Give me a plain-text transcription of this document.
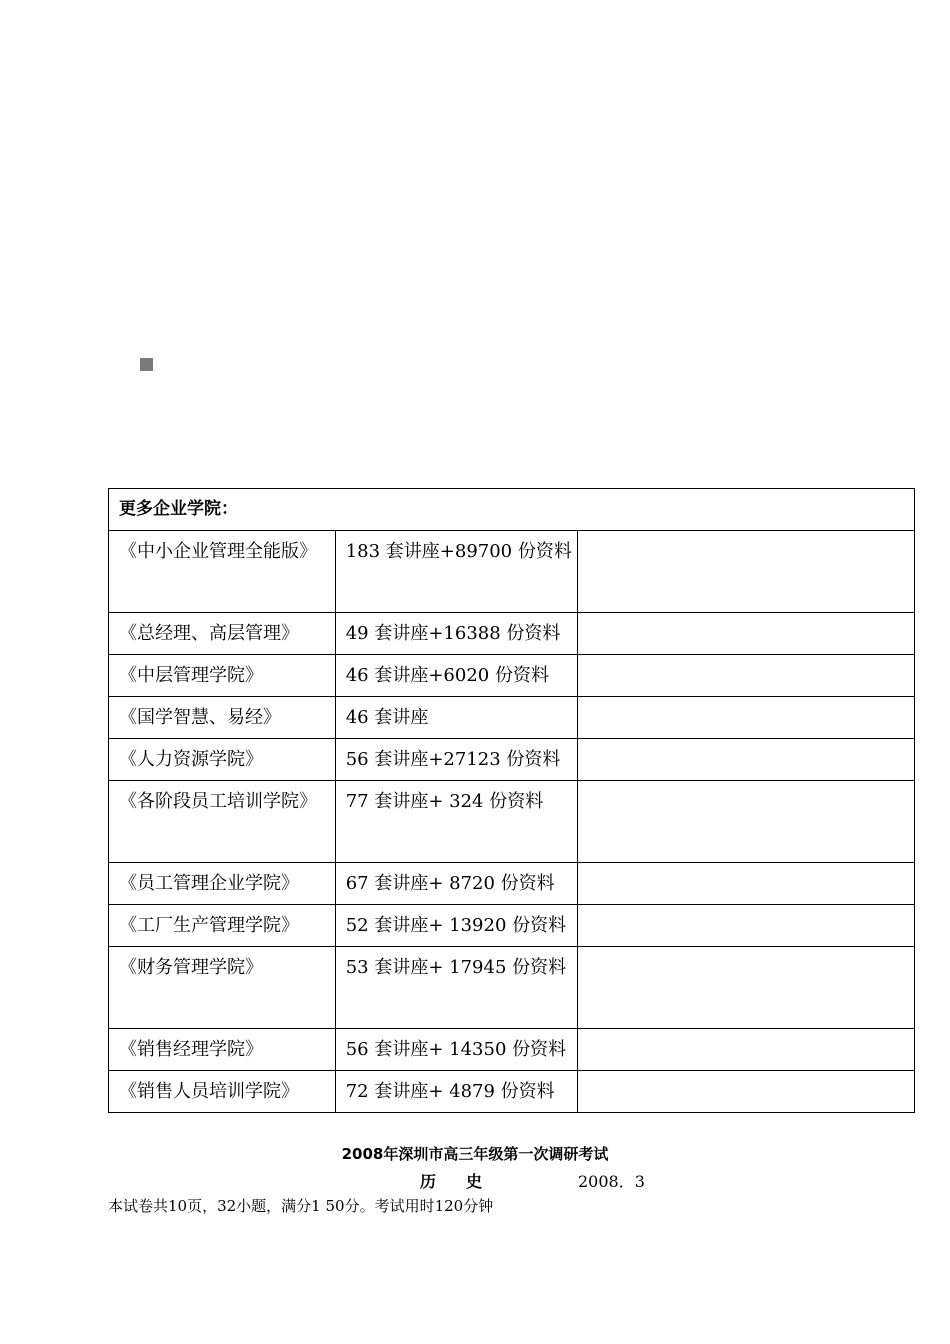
更多企业学院：		
《中小企业管理全能版》	183 套讲座+89700 份资料	
《总经理、高层管理》	49 套讲座+16388 份资料	
《中层管理学院》	46 套讲座+6020 份资料	
《国学智慧、易经》	46 套讲座	
《人力资源学院》	56 套讲座+27123 份资料	
《各阶段员工培训学院》	77 套讲座+ 324 份资料	
《员工管理企业学院》	67 套讲座+ 8720 份资料	
《工厂生产管理学院》	52 套讲座+ 13920 份资料	
《财务管理学院》	53 套讲座+ 17945 份资料	
《销售经理学院》	56 套讲座+ 14350 份资料	
《销售人员培训学院》	72 套讲座+ 4879 份资料	
2008年深圳市高三年级第一次调研考试
历史	2008．3
本试卷共10页，32小题，满分1 50分。考试用时120分钟
